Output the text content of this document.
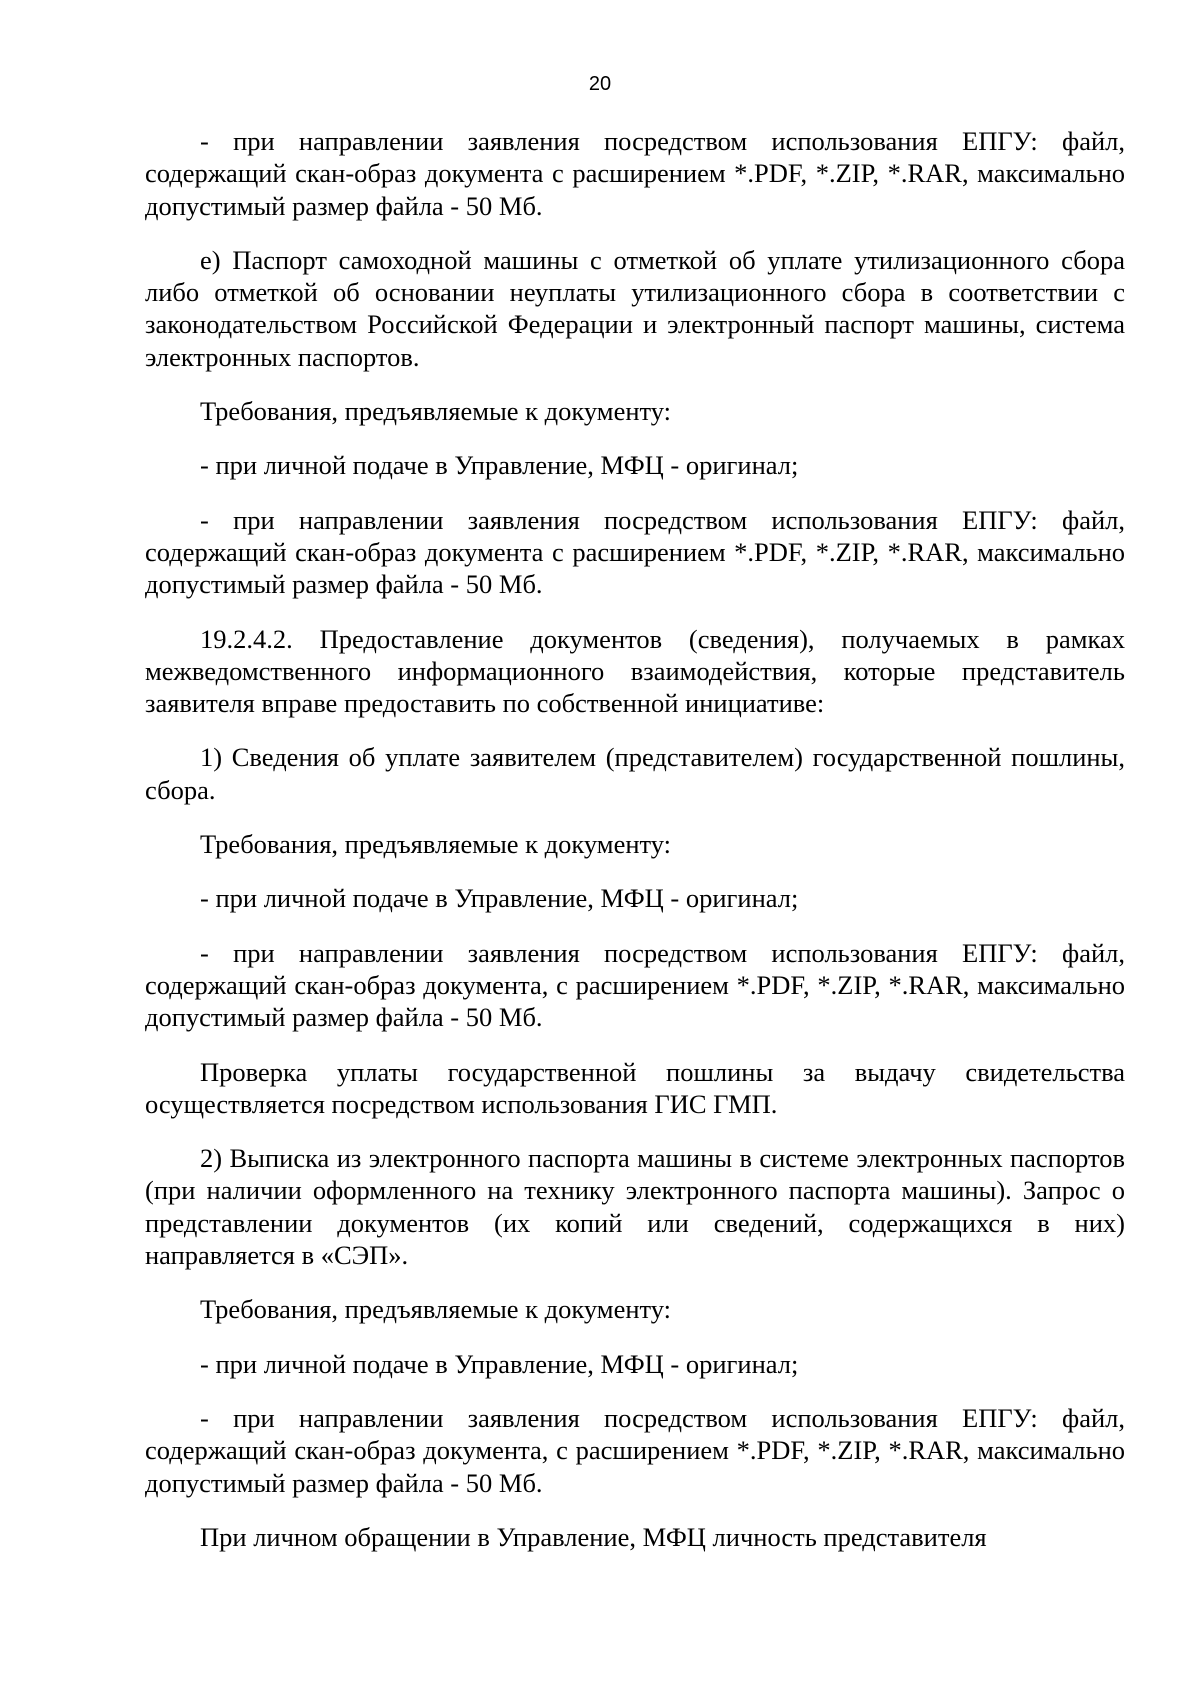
20

- при направлении заявления посредством использования ЕПГУ: файл, содержащий скан-образ документа с расширением *.PDF, *.ZIP, *.RAR, максимально допустимый размер файла - 50 Мб.

е) Паспорт самоходной машины с отметкой об уплате утилизационного сбора либо отметкой об основании неуплаты утилизационного сбора в соответствии с законодательством Российской Федерации и электронный паспорт машины, система электронных паспортов.

Требования, предъявляемые к документу:

- при личной подаче в Управление, МФЦ - оригинал;

- при направлении заявления посредством использования ЕПГУ: файл, содержащий скан-образ документа с расширением *.PDF, *.ZIP, *.RAR, максимально допустимый размер файла - 50 Мб.

19.2.4.2. Предоставление документов (сведения), получаемых в рамках межведомственного информационного взаимодействия, которые представитель заявителя вправе предоставить по собственной инициативе:

1) Сведения об уплате заявителем (представителем) государственной пошлины, сбора.

Требования, предъявляемые к документу:

- при личной подаче в Управление, МФЦ - оригинал;

- при направлении заявления посредством использования ЕПГУ: файл, содержащий скан-образ документа, с расширением *.PDF, *.ZIP, *.RAR, максимально допустимый размер файла - 50 Мб.

Проверка уплаты государственной пошлины за выдачу свидетельства осуществляется посредством использования ГИС ГМП.

2) Выписка из электронного паспорта машины в системе электронных паспортов (при наличии оформленного на технику электронного паспорта машины). Запрос о представлении документов (их копий или сведений, содержащихся в них) направляется в «СЭП».

Требования, предъявляемые к документу:

- при личной подаче в Управление, МФЦ - оригинал;

- при направлении заявления посредством использования ЕПГУ: файл, содержащий скан-образ документа, с расширением *.PDF, *.ZIP, *.RAR, максимально допустимый размер файла - 50 Мб.

При личном обращении в Управление, МФЦ личность представителя
